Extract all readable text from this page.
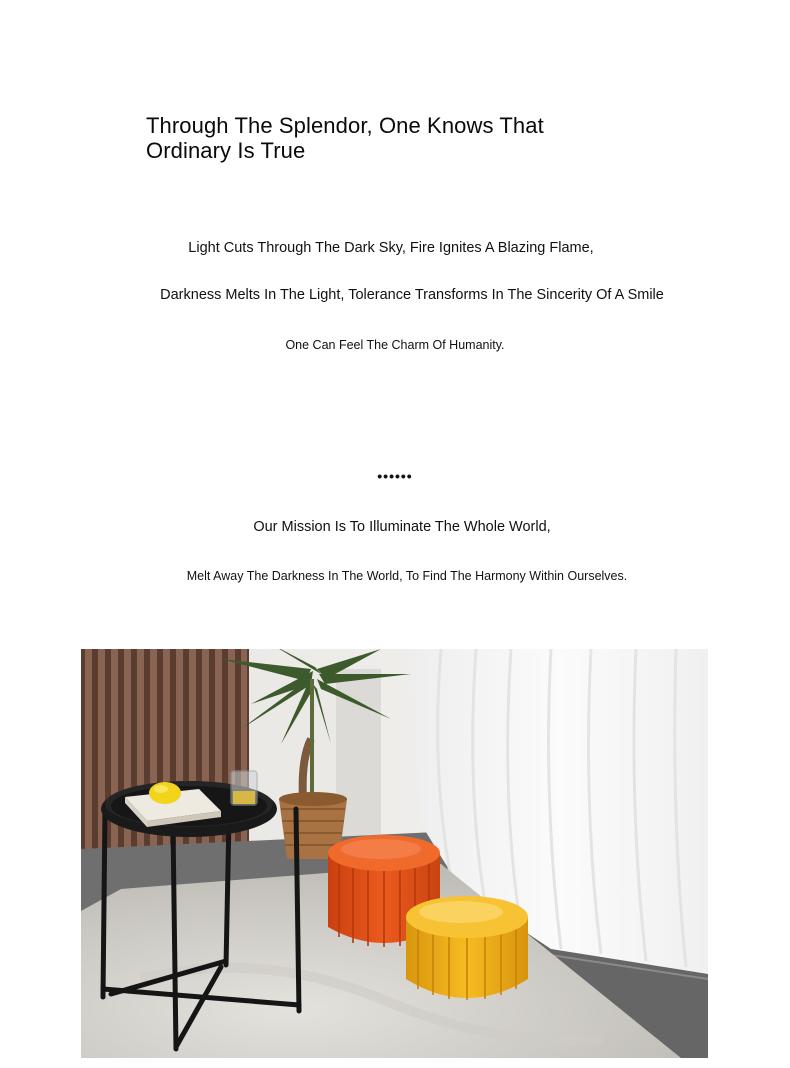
Through The Splendor, One Knows That
Ordinary Is True
Light Cuts Through The Dark Sky, Fire Ignites A Blazing Flame,
Darkness Melts In The Light, Tolerance Transforms In The Sincerity Of A Smile
One Can Feel The Charm Of Humanity.
••••••
Our Mission Is To Illuminate The Whole World,
Melt Away The Darkness In The World, To Find The Harmony Within Ourselves.
